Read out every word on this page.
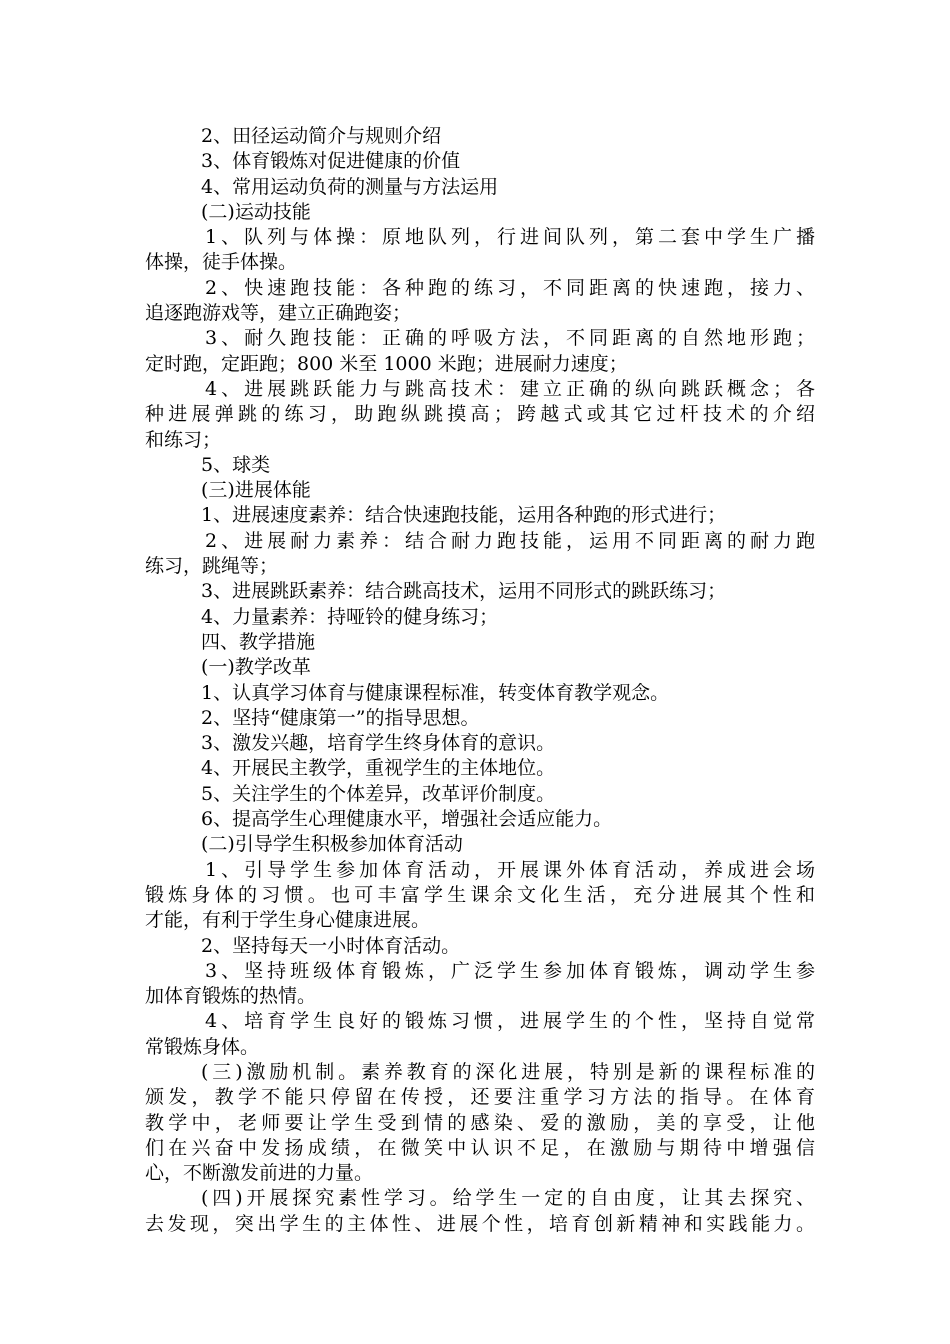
2、田径运动简介与规则介绍
3、体育锻炼对促进健康的价值
4、常用运动负荷的测量与方法运用
(二)运动技能
1、队列与体操：原地队列，行进间队列，第二套中学生广播
体操，徒手体操。
2、快速跑技能：各种跑的练习，不同距离的快速跑，接力、
追逐跑游戏等，建立正确跑姿；
3、耐久跑技能：正确的呼吸方法，不同距离的自然地形跑；
定时跑，定距跑；800 米至 1000 米跑；进展耐力速度；
4、进展跳跃能力与跳高技术：建立正确的纵向跳跃概念；各
种进展弹跳的练习，助跑纵跳摸高；跨越式或其它过杆技术的介绍
和练习；
5、球类
(三)进展体能
1、进展速度素养：结合快速跑技能，运用各种跑的形式进行；
2、进展耐力素养：结合耐力跑技能，运用不同距离的耐力跑
练习，跳绳等；
3、进展跳跃素养：结合跳高技术，运用不同形式的跳跃练习；
4、力量素养：持哑铃的健身练习；
四、教学措施
(一)教学改革
1、认真学习体育与健康课程标准，转变体育教学观念。
2、坚持“健康第一”的指导思想。
3、激发兴趣，培育学生终身体育的意识。
4、开展民主教学，重视学生的主体地位。
5、关注学生的个体差异，改革评价制度。
6、提高学生心理健康水平，增强社会适应能力。
(二)引导学生积极参加体育活动
1、引导学生参加体育活动，开展课外体育活动，养成进会场
锻炼身体的习惯。也可丰富学生课余文化生活，充分进展其个性和
才能，有利于学生身心健康进展。
2、坚持每天一小时体育活动。
3、坚持班级体育锻炼，广泛学生参加体育锻炼，调动学生参
加体育锻炼的热情。
4、培育学生良好的锻炼习惯，进展学生的个性，坚持自觉常
常锻炼身体。
(三)激励机制。素养教育的深化进展，特别是新的课程标准的
颁发，教学不能只停留在传授，还要注重学习方法的指导。在体育
教学中，老师要让学生受到情的感染、爱的激励，美的享受，让他
们在兴奋中发扬成绩，在微笑中认识不足，在激励与期待中增强信
心，不断激发前进的力量。
(四)开展探究素性学习。给学生一定的自由度，让其去探究、
去发现，突出学生的主体性、进展个性，培育创新精神和实践能力。
